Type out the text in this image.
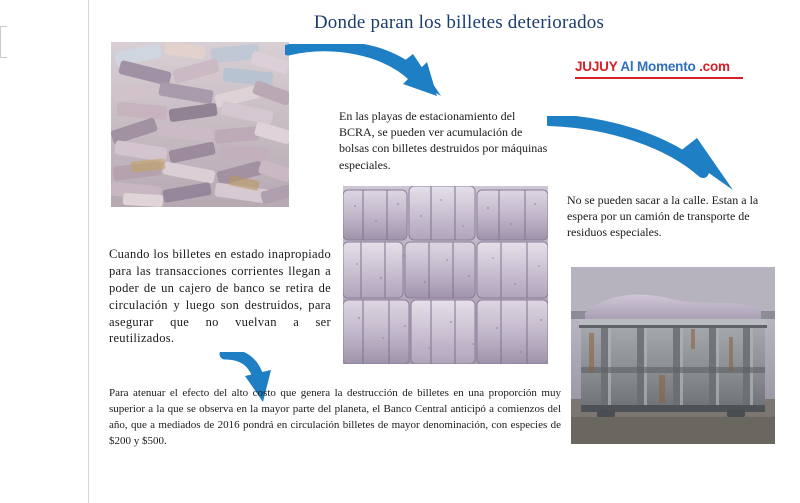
Donde paran los billetes deteriorados
En las playas de estacionamiento del BCRA, se pueden ver acumulación de bolsas con billetes destruidos por máquinas especiales.
JUJUY Al Momento .com
No se pueden sacar a la calle. Estan a la espera por un camión de transporte de residuos especiales.
Cuando los billetes en estado inapropiado para las transacciones corrientes llegan a poder de un cajero de banco se retira de circulación y luego son destruidos, para asegurar que no vuelvan a ser reutilizados.
Para atenuar el efecto del alto costo que genera la destrucción de billetes en una proporción muy superior a la que se observa en la mayor parte del planeta, el Banco Central anticipó a comienzos del año, que a mediados de 2016 pondrá en circulación billetes de mayor denominación, con especies de $200 y $500.
